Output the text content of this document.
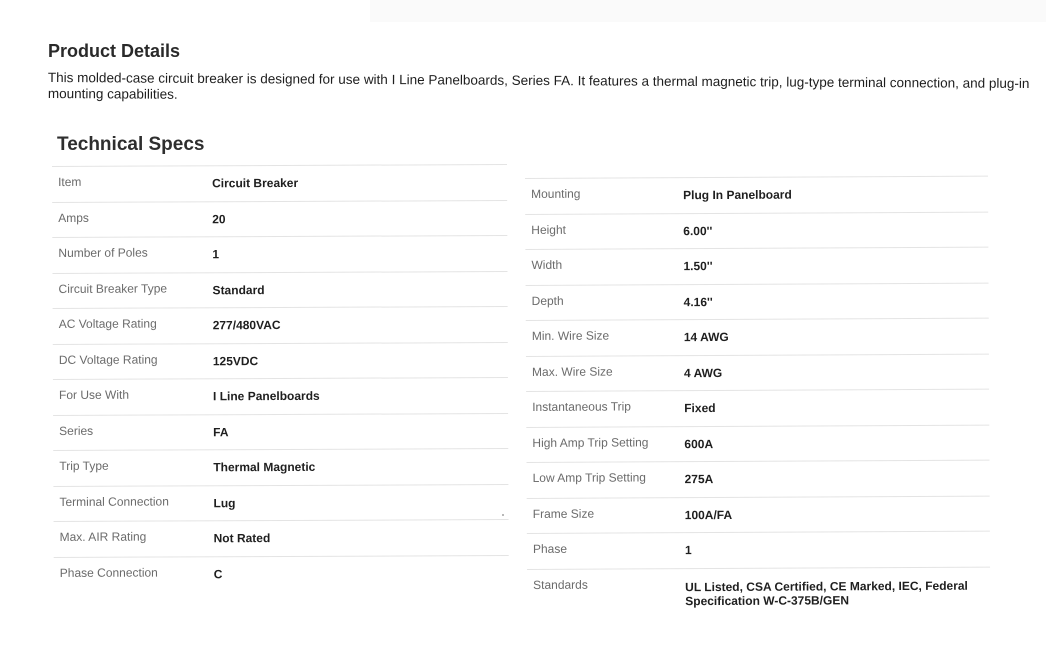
Product Details

This molded-case circuit breaker is designed for use with I Line Panelboards, Series FA. It features a thermal magnetic trip, lug-type terminal connection, and plug-in mounting capabilities.

Technical Specs
Item	Circuit Breaker
Amps	20
Number of Poles	1
Circuit Breaker Type	Standard
AC Voltage Rating	277/480VAC
DC Voltage Rating	125VDC
For Use With	I Line Panelboards
Series	FA
Trip Type	Thermal Magnetic
Terminal Connection	Lug
Max. AIR Rating	Not Rated
Phase Connection	C
Mounting	Plug In Panelboard
Height	6.00''
Width	1.50''
Depth	4.16''
Min. Wire Size	14 AWG
Max. Wire Size	4 AWG
Instantaneous Trip	Fixed
High Amp Trip Setting	600A
Low Amp Trip Setting	275A
Frame Size	100A/FA
Phase	1
Standards	UL Listed, CSA Certified, CE Marked, IEC, Federal Specification W-C-375B/GEN
